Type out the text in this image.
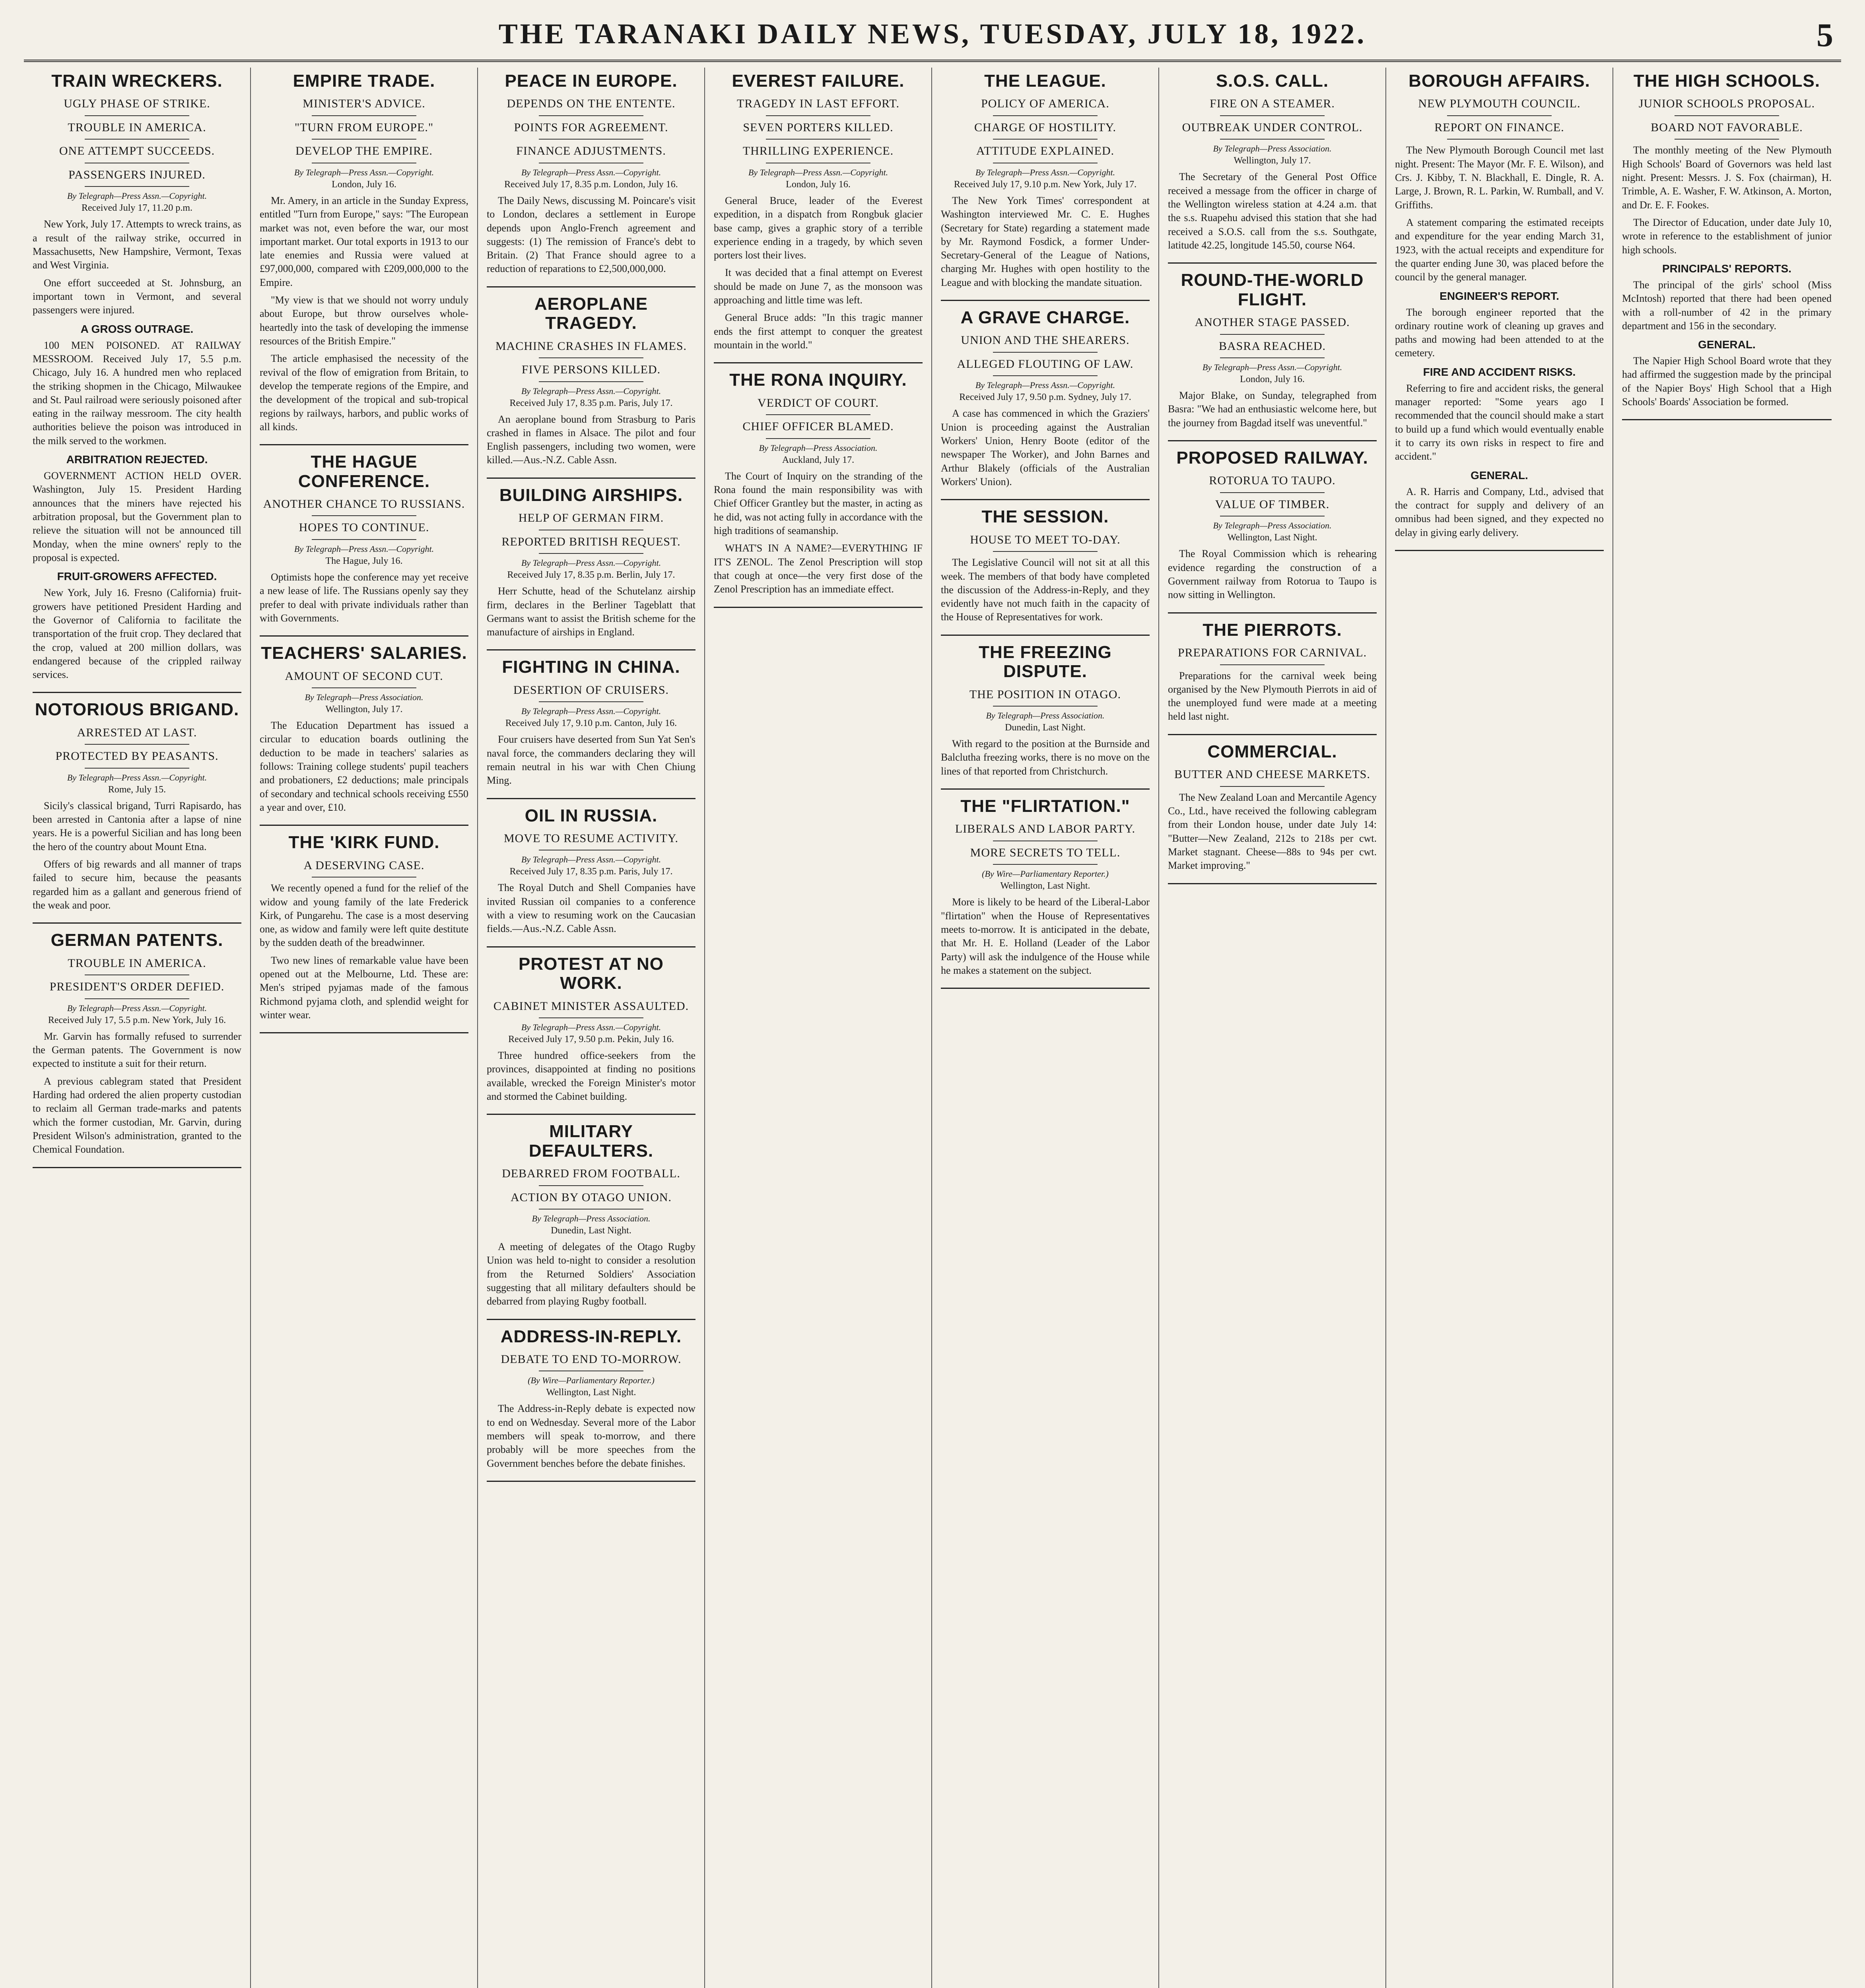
THE TARANAKI DAILY NEWS, TUESDAY, JULY 18, 1922.	5
TRAIN WRECKERS.
UGLY PHASE OF STRIKE.
TROUBLE IN AMERICA.
ONE ATTEMPT SUCCEEDS.
PASSENGERS INJURED.
By Telegraph—Press Assn.—Copyright.
Received July 17, 11.20 p.m.

New York, July 17. Attempts to wreck trains, as a result of the railway strike, occurred in Massachusetts, New Hampshire, Vermont, Texas and West Virginia.

One effort succeeded at St. Johnsburg, an important town in Vermont, and several passengers were injured.

A GROSS OUTRAGE.

100 MEN POISONED. AT RAILWAY MESSROOM. Received July 17, 5.5 p.m. Chicago, July 16. A hundred men who replaced the striking shopmen in the Chicago, Milwaukee and St. Paul railroad were seriously poisoned after eating in the railway messroom. The city health authorities believe the poison was introduced in the milk served to the workmen.

ARBITRATION REJECTED.

GOVERNMENT ACTION HELD OVER. Washington, July 15. President Harding announces that the miners have rejected his arbitration proposal, but the Government plan to relieve the situation will not be announced till Monday, when the mine owners' reply to the proposal is expected.

FRUIT-GROWERS AFFECTED.

New York, July 16. Fresno (California) fruit-growers have petitioned President Harding and the Governor of California to facilitate the transportation of the fruit crop. They declared that the crop, valued at 200 million dollars, was endangered because of the crippled railway services.

NOTORIOUS BRIGAND.
ARRESTED AT LAST.
PROTECTED BY PEASANTS.
By Telegraph—Press Assn.—Copyright.
Rome, July 15.

Sicily's classical brigand, Turri Rapisardo, has been arrested in Cantonia after a lapse of nine years. He is a powerful Sicilian and has long been the hero of the country about Mount Etna.

Offers of big rewards and all manner of traps failed to secure him, because the peasants regarded him as a gallant and generous friend of the weak and poor.

GERMAN PATENTS.
TROUBLE IN AMERICA.
PRESIDENT'S ORDER DEFIED.
By Telegraph—Press Assn.—Copyright.
Received July 17, 5.5 p.m. New York, July 16.

Mr. Garvin has formally refused to surrender the German patents. The Government is now expected to institute a suit for their return.

A previous cablegram stated that President Harding had ordered the alien property custodian to reclaim all German trade-marks and patents which the former custodian, Mr. Garvin, during President Wilson's administration, granted to the Chemical Foundation.

EMPIRE TRADE.
MINISTER'S ADVICE.
"TURN FROM EUROPE."
DEVELOP THE EMPIRE.
By Telegraph—Press Assn.—Copyright.
London, July 16.

Mr. Amery, in an article in the Sunday Express, entitled "Turn from Europe," says: "The European market was not, even before the war, our most important market. Our total exports in 1913 to our late enemies and Russia were valued at £97,000,000, compared with £209,000,000 to the Empire.

"My view is that we should not worry unduly about Europe, but throw ourselves whole-heartedly into the task of developing the immense resources of the British Empire."

The article emphasised the necessity of the revival of the flow of emigration from Britain, to develop the temperate regions of the Empire, and the development of the tropical and sub-tropical regions by railways, harbors, and public works of all kinds.

THE HAGUE CONFERENCE.
ANOTHER CHANCE TO RUSSIANS.
HOPES TO CONTINUE.
By Telegraph—Press Assn.—Copyright.
The Hague, July 16.

Optimists hope the conference may yet receive a new lease of life. The Russians openly say they prefer to deal with private individuals rather than with Governments.

TEACHERS' SALARIES.
AMOUNT OF SECOND CUT.
By Telegraph—Press Association.
Wellington, July 17.

The Education Department has issued a circular to education boards outlining the deduction to be made in teachers' salaries as follows: Training college students' pupil teachers and probationers, £2 deductions; male principals of secondary and technical schools receiving £550 a year and over, £10.

THE 'KIRK FUND.
A DESERVING CASE.

We recently opened a fund for the relief of the widow and young family of the late Frederick Kirk, of Pungarehu. The case is a most deserving one, as widow and family were left quite destitute by the sudden death of the breadwinner.

Two new lines of remarkable value have been opened out at the Melbourne, Ltd. These are: Men's striped pyjamas made of the famous Richmond pyjama cloth, and splendid weight for winter wear.

PEACE IN EUROPE.
DEPENDS ON THE ENTENTE.
POINTS FOR AGREEMENT.
FINANCE ADJUSTMENTS.
By Telegraph—Press Assn.—Copyright.
Received July 17, 8.35 p.m. London, July 16.

The Daily News, discussing M. Poincare's visit to London, declares a settlement in Europe depends upon Anglo-French agreement and suggests: (1) The remission of France's debt to Britain. (2) That France should agree to a reduction of reparations to £2,500,000,000.

AEROPLANE TRAGEDY.
MACHINE CRASHES IN FLAMES.
FIVE PERSONS KILLED.
By Telegraph—Press Assn.—Copyright.
Received July 17, 8.35 p.m. Paris, July 17.

An aeroplane bound from Strasburg to Paris crashed in flames in Alsace. The pilot and four English passengers, including two women, were killed.—Aus.-N.Z. Cable Assn.

BUILDING AIRSHIPS.
HELP OF GERMAN FIRM.
REPORTED BRITISH REQUEST.
By Telegraph—Press Assn.—Copyright.
Received July 17, 8.35 p.m. Berlin, July 17.

Herr Schutte, head of the Schutelanz airship firm, declares in the Berliner Tageblatt that Germans want to assist the British scheme for the manufacture of airships in England.

FIGHTING IN CHINA.
DESERTION OF CRUISERS.
By Telegraph—Press Assn.—Copyright.
Received July 17, 9.10 p.m. Canton, July 16.

Four cruisers have deserted from Sun Yat Sen's naval force, the commanders declaring they will remain neutral in his war with Chen Chiung Ming.

OIL IN RUSSIA.
MOVE TO RESUME ACTIVITY.
By Telegraph—Press Assn.—Copyright.
Received July 17, 8.35 p.m. Paris, July 17.

The Royal Dutch and Shell Companies have invited Russian oil companies to a conference with a view to resuming work on the Caucasian fields.—Aus.-N.Z. Cable Assn.

PROTEST AT NO WORK.
CABINET MINISTER ASSAULTED.
By Telegraph—Press Assn.—Copyright.
Received July 17, 9.50 p.m. Pekin, July 16.

Three hundred office-seekers from the provinces, disappointed at finding no positions available, wrecked the Foreign Minister's motor and stormed the Cabinet building.

MILITARY DEFAULTERS.
DEBARRED FROM FOOTBALL.
ACTION BY OTAGO UNION.
By Telegraph—Press Association.
Dunedin, Last Night.

A meeting of delegates of the Otago Rugby Union was held to-night to consider a resolution from the Returned Soldiers' Association suggesting that all military defaulters should be debarred from playing Rugby football.

ADDRESS-IN-REPLY.
DEBATE TO END TO-MORROW.
(By Wire—Parliamentary Reporter.)
Wellington, Last Night.

The Address-in-Reply debate is expected now to end on Wednesday. Several more of the Labor members will speak to-morrow, and there probably will be more speeches from the Government benches before the debate finishes.

EVEREST FAILURE.
TRAGEDY IN LAST EFFORT.
SEVEN PORTERS KILLED.
THRILLING EXPERIENCE.
By Telegraph—Press Assn.—Copyright.
London, July 16.

General Bruce, leader of the Everest expedition, in a dispatch from Rongbuk glacier base camp, gives a graphic story of a terrible experience ending in a tragedy, by which seven porters lost their lives.

It was decided that a final attempt on Everest should be made on June 7, as the monsoon was approaching and little time was left.

General Bruce adds: "In this tragic manner ends the first attempt to conquer the greatest mountain in the world."

THE RONA INQUIRY.
VERDICT OF COURT.
CHIEF OFFICER BLAMED.
By Telegraph—Press Association.
Auckland, July 17.

The Court of Inquiry on the stranding of the Rona found the main responsibility was with Chief Officer Grantley but the master, in acting as he did, was not acting fully in accordance with the high traditions of seamanship.

WHAT'S IN A NAME?—EVERYTHING IF IT'S ZENOL. The Zenol Prescription will stop that cough at once—the very first dose of the Zenol Prescription has an immediate effect.

THE LEAGUE.
POLICY OF AMERICA.
CHARGE OF HOSTILITY.
ATTITUDE EXPLAINED.
By Telegraph—Press Assn.—Copyright.
Received July 17, 9.10 p.m. New York, July 17.

The New York Times' correspondent at Washington interviewed Mr. C. E. Hughes (Secretary for State) regarding a statement made by Mr. Raymond Fosdick, a former Under-Secretary-General of the League of Nations, charging Mr. Hughes with open hostility to the League and with blocking the mandate situation.

A GRAVE CHARGE.
UNION AND THE SHEARERS.
ALLEGED FLOUTING OF LAW.
By Telegraph—Press Assn.—Copyright.
Received July 17, 9.50 p.m. Sydney, July 17.

A case has commenced in which the Graziers' Union is proceeding against the Australian Workers' Union, Henry Boote (editor of the newspaper The Worker), and John Barnes and Arthur Blakely (officials of the Australian Workers' Union).

THE SESSION.
HOUSE TO MEET TO-DAY.

The Legislative Council will not sit at all this week. The members of that body have completed the discussion of the Address-in-Reply, and they evidently have not much faith in the capacity of the House of Representatives for work.

THE FREEZING DISPUTE.
THE POSITION IN OTAGO.
By Telegraph—Press Association.
Dunedin, Last Night.

With regard to the position at the Burnside and Balclutha freezing works, there is no move on the lines of that reported from Christchurch.

THE "FLIRTATION."
LIBERALS AND LABOR PARTY.
MORE SECRETS TO TELL.
(By Wire—Parliamentary Reporter.)
Wellington, Last Night.

More is likely to be heard of the Liberal-Labor "flirtation" when the House of Representatives meets to-morrow. It is anticipated in the debate, that Mr. H. E. Holland (Leader of the Labor Party) will ask the indulgence of the House while he makes a statement on the subject.

S.O.S. CALL.
FIRE ON A STEAMER.
OUTBREAK UNDER CONTROL.
By Telegraph—Press Association.
Wellington, July 17.

The Secretary of the General Post Office received a message from the officer in charge of the Wellington wireless station at 4.24 a.m. that the s.s. Ruapehu advised this station that she had received a S.O.S. call from the s.s. Southgate, latitude 42.25, longitude 145.50, course N64.

ROUND-THE-WORLD FLIGHT.
ANOTHER STAGE PASSED.
BASRA REACHED.
By Telegraph—Press Assn.—Copyright.
London, July 16.

Major Blake, on Sunday, telegraphed from Basra: "We had an enthusiastic welcome here, but the journey from Bagdad itself was uneventful."

PROPOSED RAILWAY.
ROTORUA TO TAUPO.
VALUE OF TIMBER.
By Telegraph—Press Association.
Wellington, Last Night.

The Royal Commission which is rehearing evidence regarding the construction of a Government railway from Rotorua to Taupo is now sitting in Wellington.

THE PIERROTS.
PREPARATIONS FOR CARNIVAL.

Preparations for the carnival week being organised by the New Plymouth Pierrots in aid of the unemployed fund were made at a meeting held last night.

COMMERCIAL.
BUTTER AND CHEESE MARKETS.

The New Zealand Loan and Mercantile Agency Co., Ltd., have received the following cablegram from their London house, under date July 14: "Butter—New Zealand, 212s to 218s per cwt. Market stagnant. Cheese—88s to 94s per cwt. Market improving."

BOROUGH AFFAIRS.
NEW PLYMOUTH COUNCIL.
REPORT ON FINANCE.

The New Plymouth Borough Council met last night. Present: The Mayor (Mr. F. E. Wilson), and Crs. J. Kibby, T. N. Blackhall, E. Dingle, R. A. Large, J. Brown, R. L. Parkin, W. Rumball, and V. Griffiths.

A statement comparing the estimated receipts and expenditure for the year ending March 31, 1923, with the actual receipts and expenditure for the quarter ending June 30, was placed before the council by the general manager.

ENGINEER'S REPORT.

The borough engineer reported that the ordinary routine work of cleaning up graves and paths and mowing had been attended to at the cemetery.

FIRE AND ACCIDENT RISKS.

Referring to fire and accident risks, the general manager reported: "Some years ago I recommended that the council should make a start to build up a fund which would eventually enable it to carry its own risks in respect to fire and accident."

GENERAL.

A. R. Harris and Company, Ltd., advised that the contract for supply and delivery of an omnibus had been signed, and they expected no delay in giving early delivery.

THE HIGH SCHOOLS.
JUNIOR SCHOOLS PROPOSAL.
BOARD NOT FAVORABLE.

The monthly meeting of the New Plymouth High Schools' Board of Governors was held last night. Present: Messrs. J. S. Fox (chairman), H. Trimble, A. E. Washer, F. W. Atkinson, A. Morton, and Dr. E. F. Fookes.

The Director of Education, under date July 10, wrote in reference to the establishment of junior high schools.

PRINCIPALS' REPORTS.

The principal of the girls' school (Miss McIntosh) reported that there had been opened with a roll-number of 42 in the primary department and 156 in the secondary.

GENERAL.

The Napier High School Board wrote that they had affirmed the suggestion made by the principal of the Napier Boys' High School that a High Schools' Boards' Association be formed.
